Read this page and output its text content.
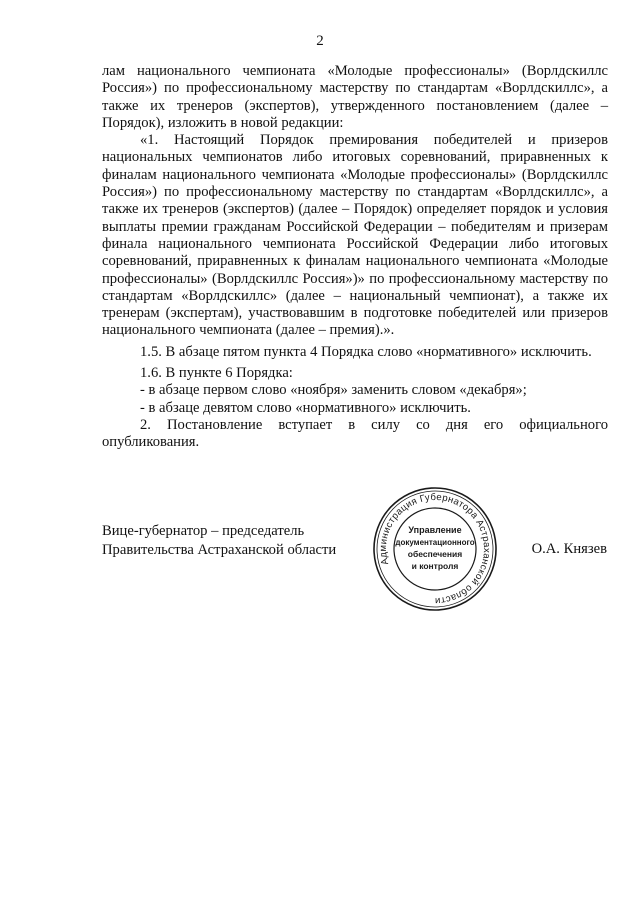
2

лам национального чемпионата «Молодые профессионалы» (Ворлдскиллс Россия») по профессиональному мастерству по стандартам «Ворлдскиллс», а также их тренеров (экспертов), утвержденного постановлением (далее – Порядок), изложить в новой редакции:

«1. Настоящий Порядок премирования победителей и призеров национальных чемпионатов либо итоговых соревнований, приравненных к финалам национального чемпионата «Молодые профессионалы» (Ворлдскиллс Россия») по профессиональному мастерству по стандартам «Ворлдскиллс», а также их тренеров (экспертов) (далее – Порядок) определяет порядок и условия выплаты премии гражданам Российской Федерации – победителям и призерам финала национального чемпионата Российской Федерации либо итоговых соревнований, приравненных к финалам национального чемпионата «Молодые профессионалы» (Ворлдскиллс Россия»)» по профессиональному мастерству по стандартам «Ворлдскиллс» (далее – национальный чемпионат), а также их тренерам (экспертам), участвовавшим в подготовке победителей или призеров национального чемпионата (далее – премия).».

1.5. В абзаце пятом пункта 4 Порядка слово «нормативного» исключить.

1.6. В пункте 6 Порядка:

- в абзаце первом слово «ноября» заменить словом «декабря»;

- в абзаце девятом слово «нормативного» исключить.

2. Постановление вступает в силу со дня его официального опубликования.

Вице-губернатор – председатель
Правительства Астраханской области	О.А. Князев
Администрация Губернатора Астраханской области
Управление
документационного
обеспечения
и контроля
